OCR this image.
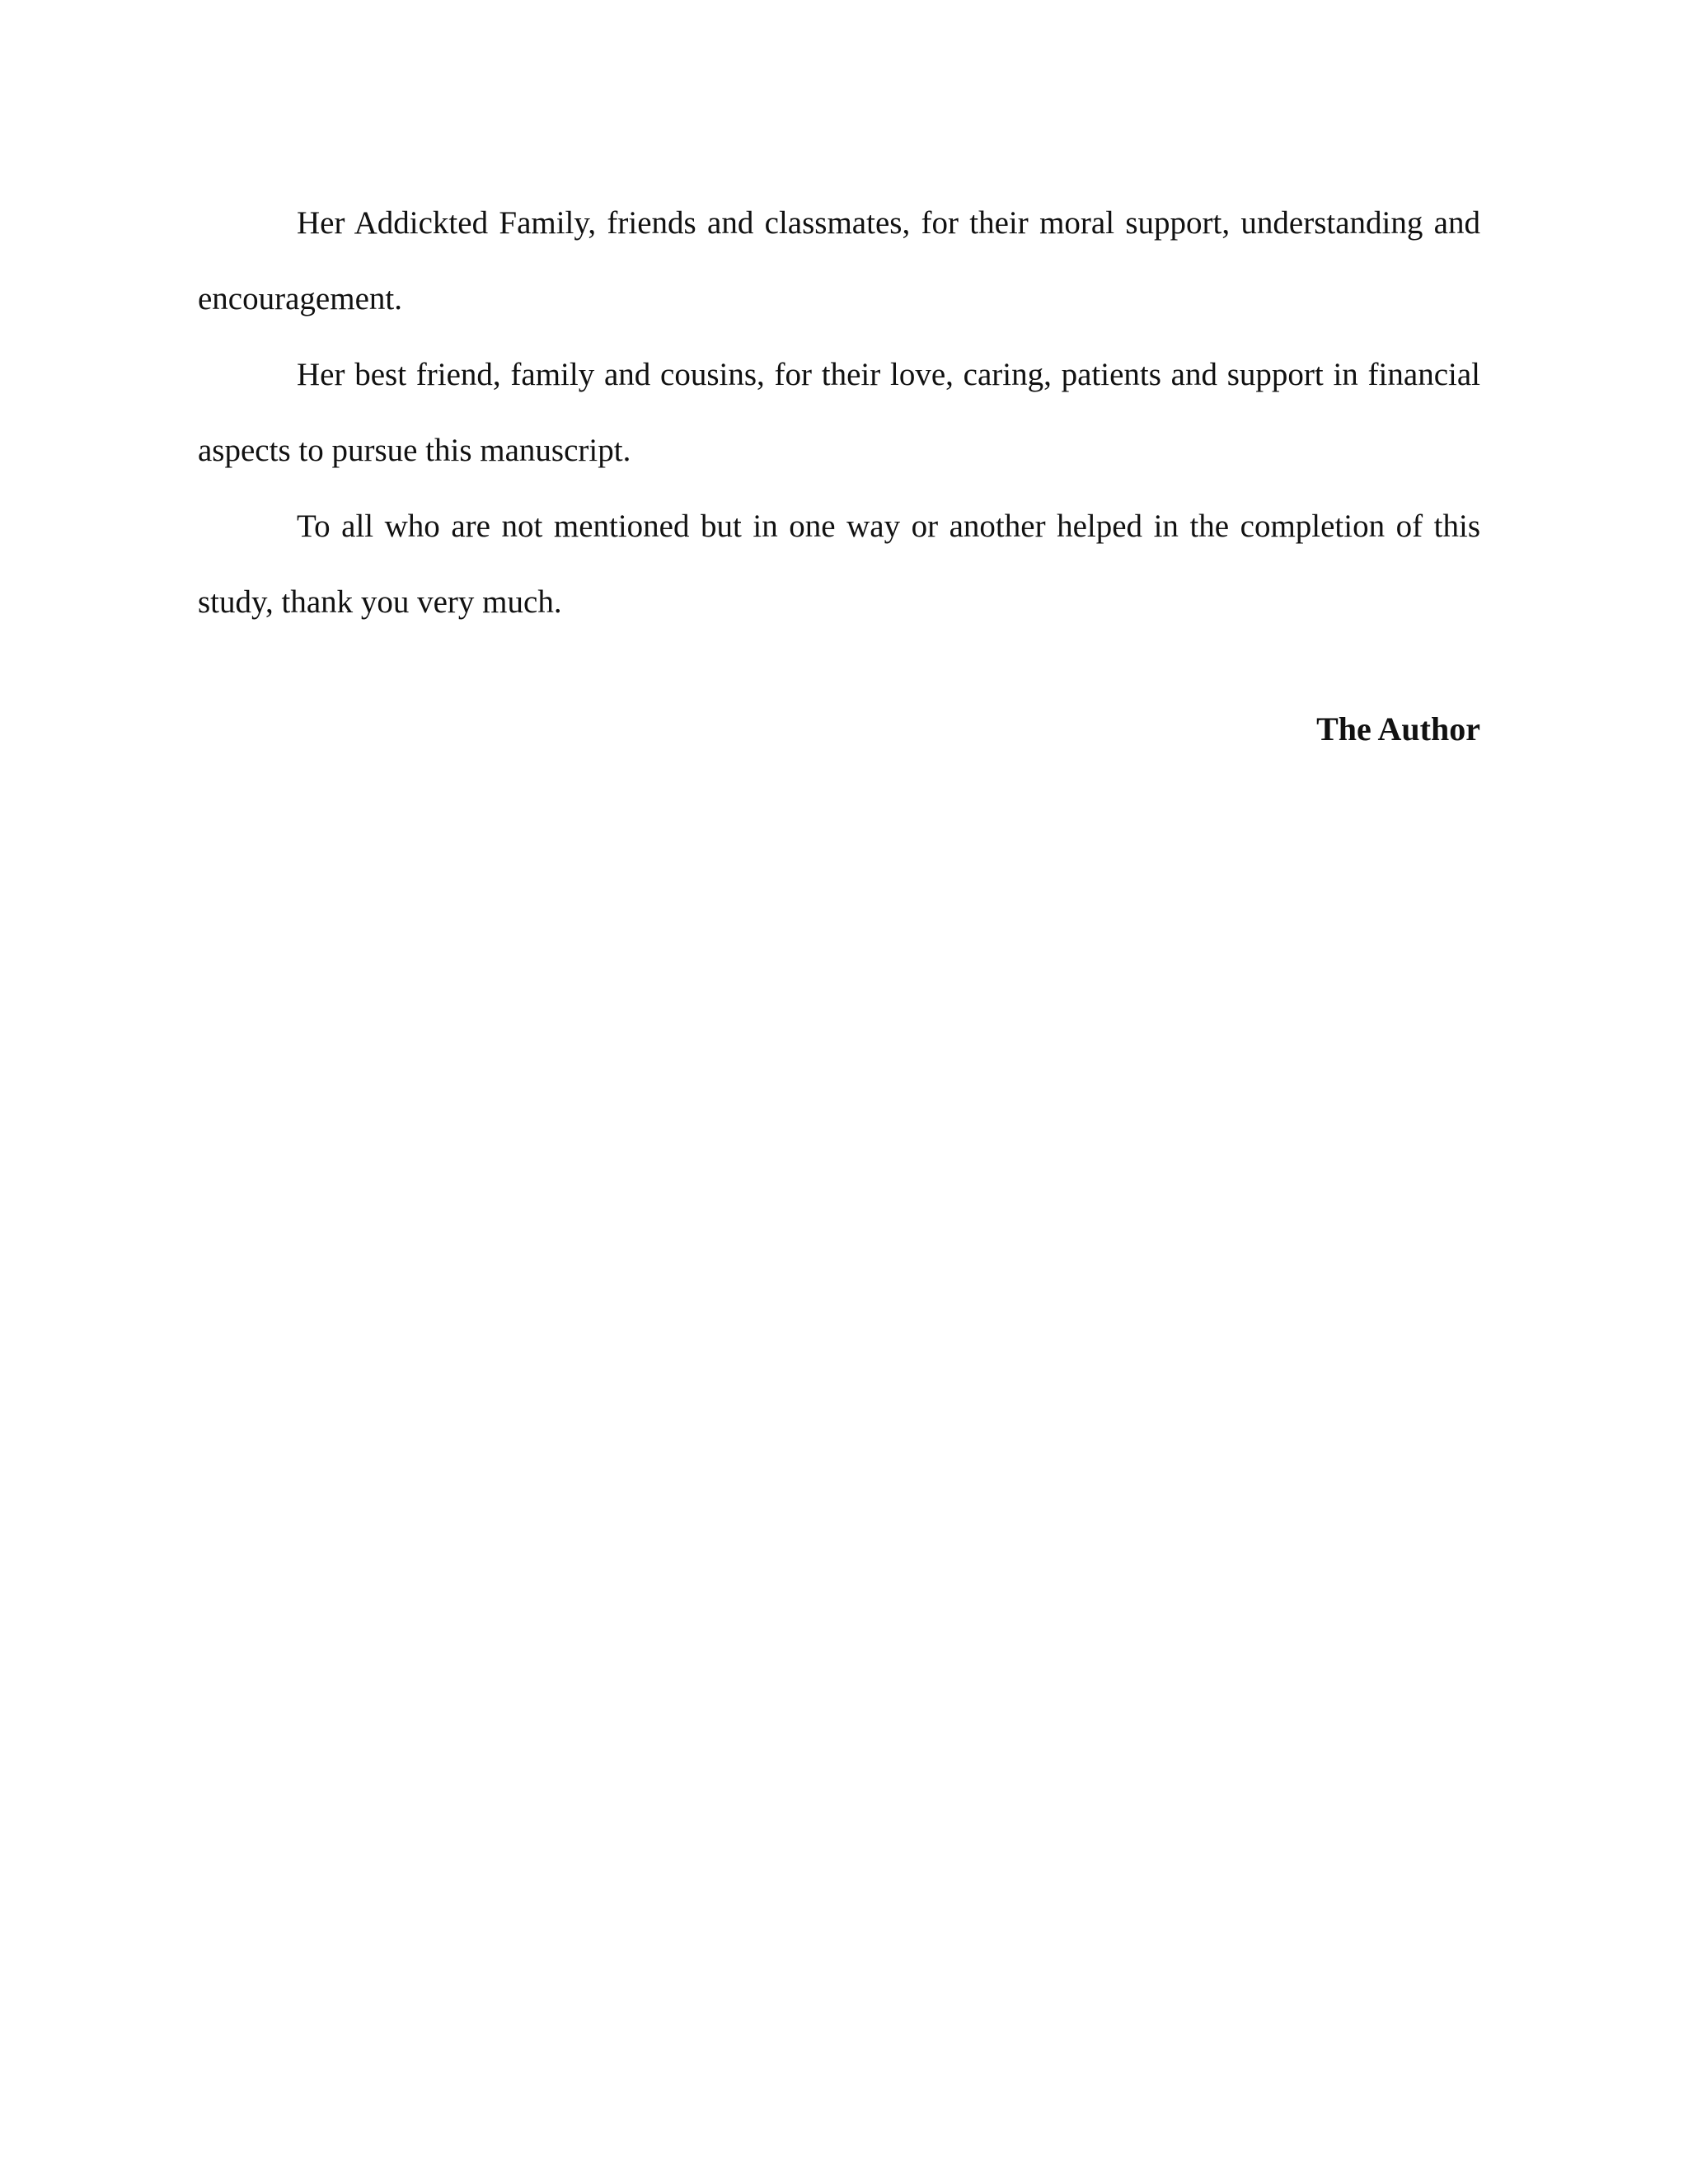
Her Addickted Family, friends and classmates, for their moral support, understanding and encouragement.

Her best friend, family and cousins, for their love, caring, patients and support in financial aspects to pursue this manuscript.

To all who are not mentioned but in one way or another helped in the completion of this study, thank you very much.

The Author
